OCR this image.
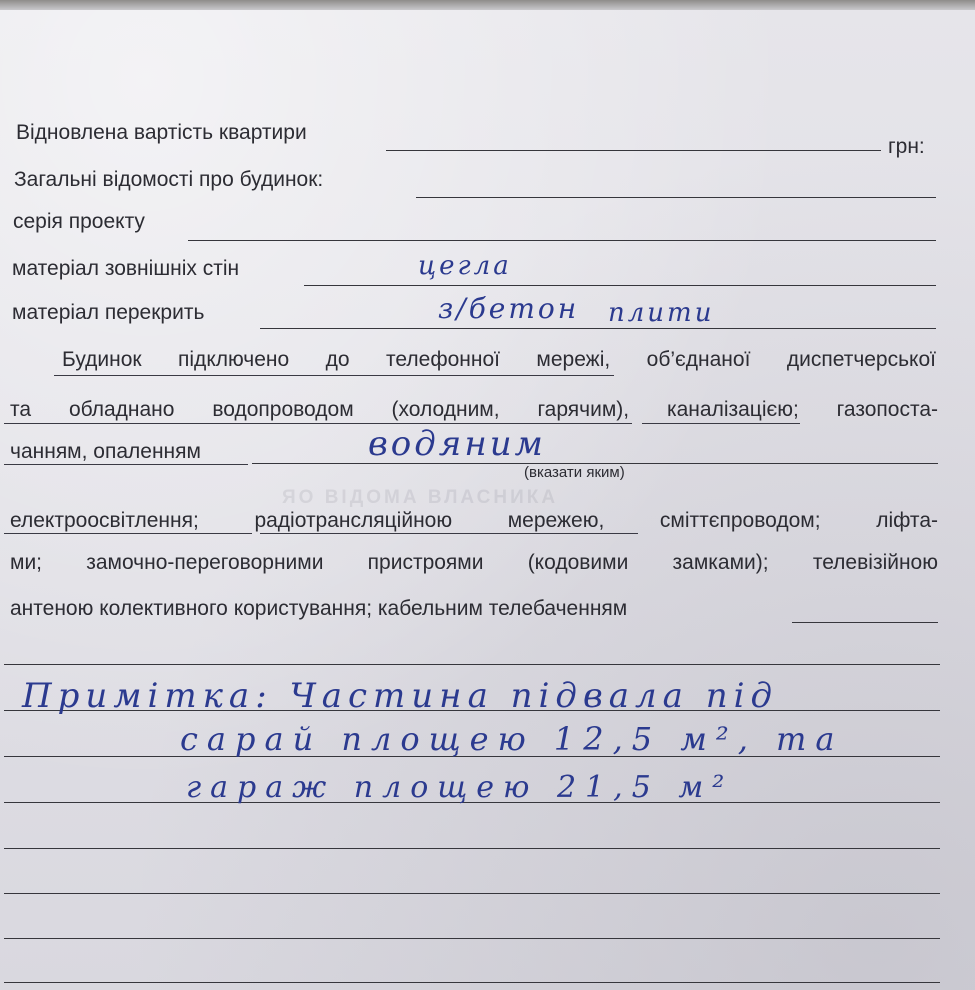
ЯО ВІДОМА ВЛАСНИКА
Відновлена вартість квартири
грн:
Загальні відомості про будинок:
серія проекту
матеріал зовнішніх стін	цегла
матеріал перекрить	з/бетон плити
Будинок підключено до телефонної мережі, об’єднаної диспетчерської
та обладнано водопроводом (холодним, гарячим), каналізацією; газопоста-
чанням, опаленням	водяним
(вказати яким)
електроосвітлення; радіотрансляційною мережею, сміттєпроводом; ліфта-
ми; замочно-переговорними пристроями (кодовими замками); телевізійною
антеною колективного користування; кабельним телебаченням
Примітка: Частина підвала під
сарай площею 12,5 м², та
гараж площею 21,5 м²
